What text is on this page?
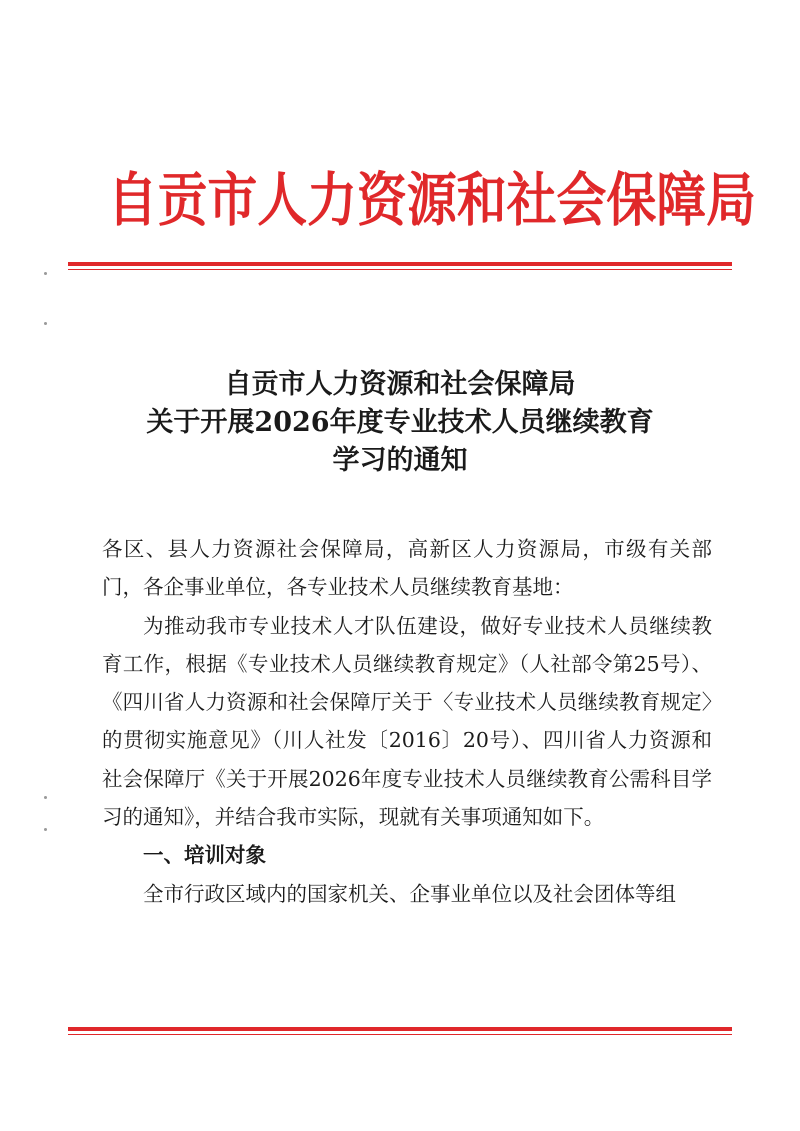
自贡市人力资源和社会保障局
自贡市人力资源和社会保障局
关于开展2026年度专业技术人员继续教育
学习的通知

各区、县人力资源社会保障局，高新区人力资源局，市级有关部门，各企事业单位，各专业技术人员继续教育基地：

为推动我市专业技术人才队伍建设，做好专业技术人员继续教育工作，根据《专业技术人员继续教育规定》（人社部令第25号）、《四川省人力资源和社会保障厅关于〈专业技术人员继续教育规定〉的贯彻实施意见》（川人社发〔2016〕20号）、四川省人力资源和社会保障厅《关于开展2026年度专业技术人员继续教育公需科目学习的通知》，并结合我市实际，现就有关事项通知如下。

一、培训对象

全市行政区域内的国家机关、企事业单位以及社会团体等组
